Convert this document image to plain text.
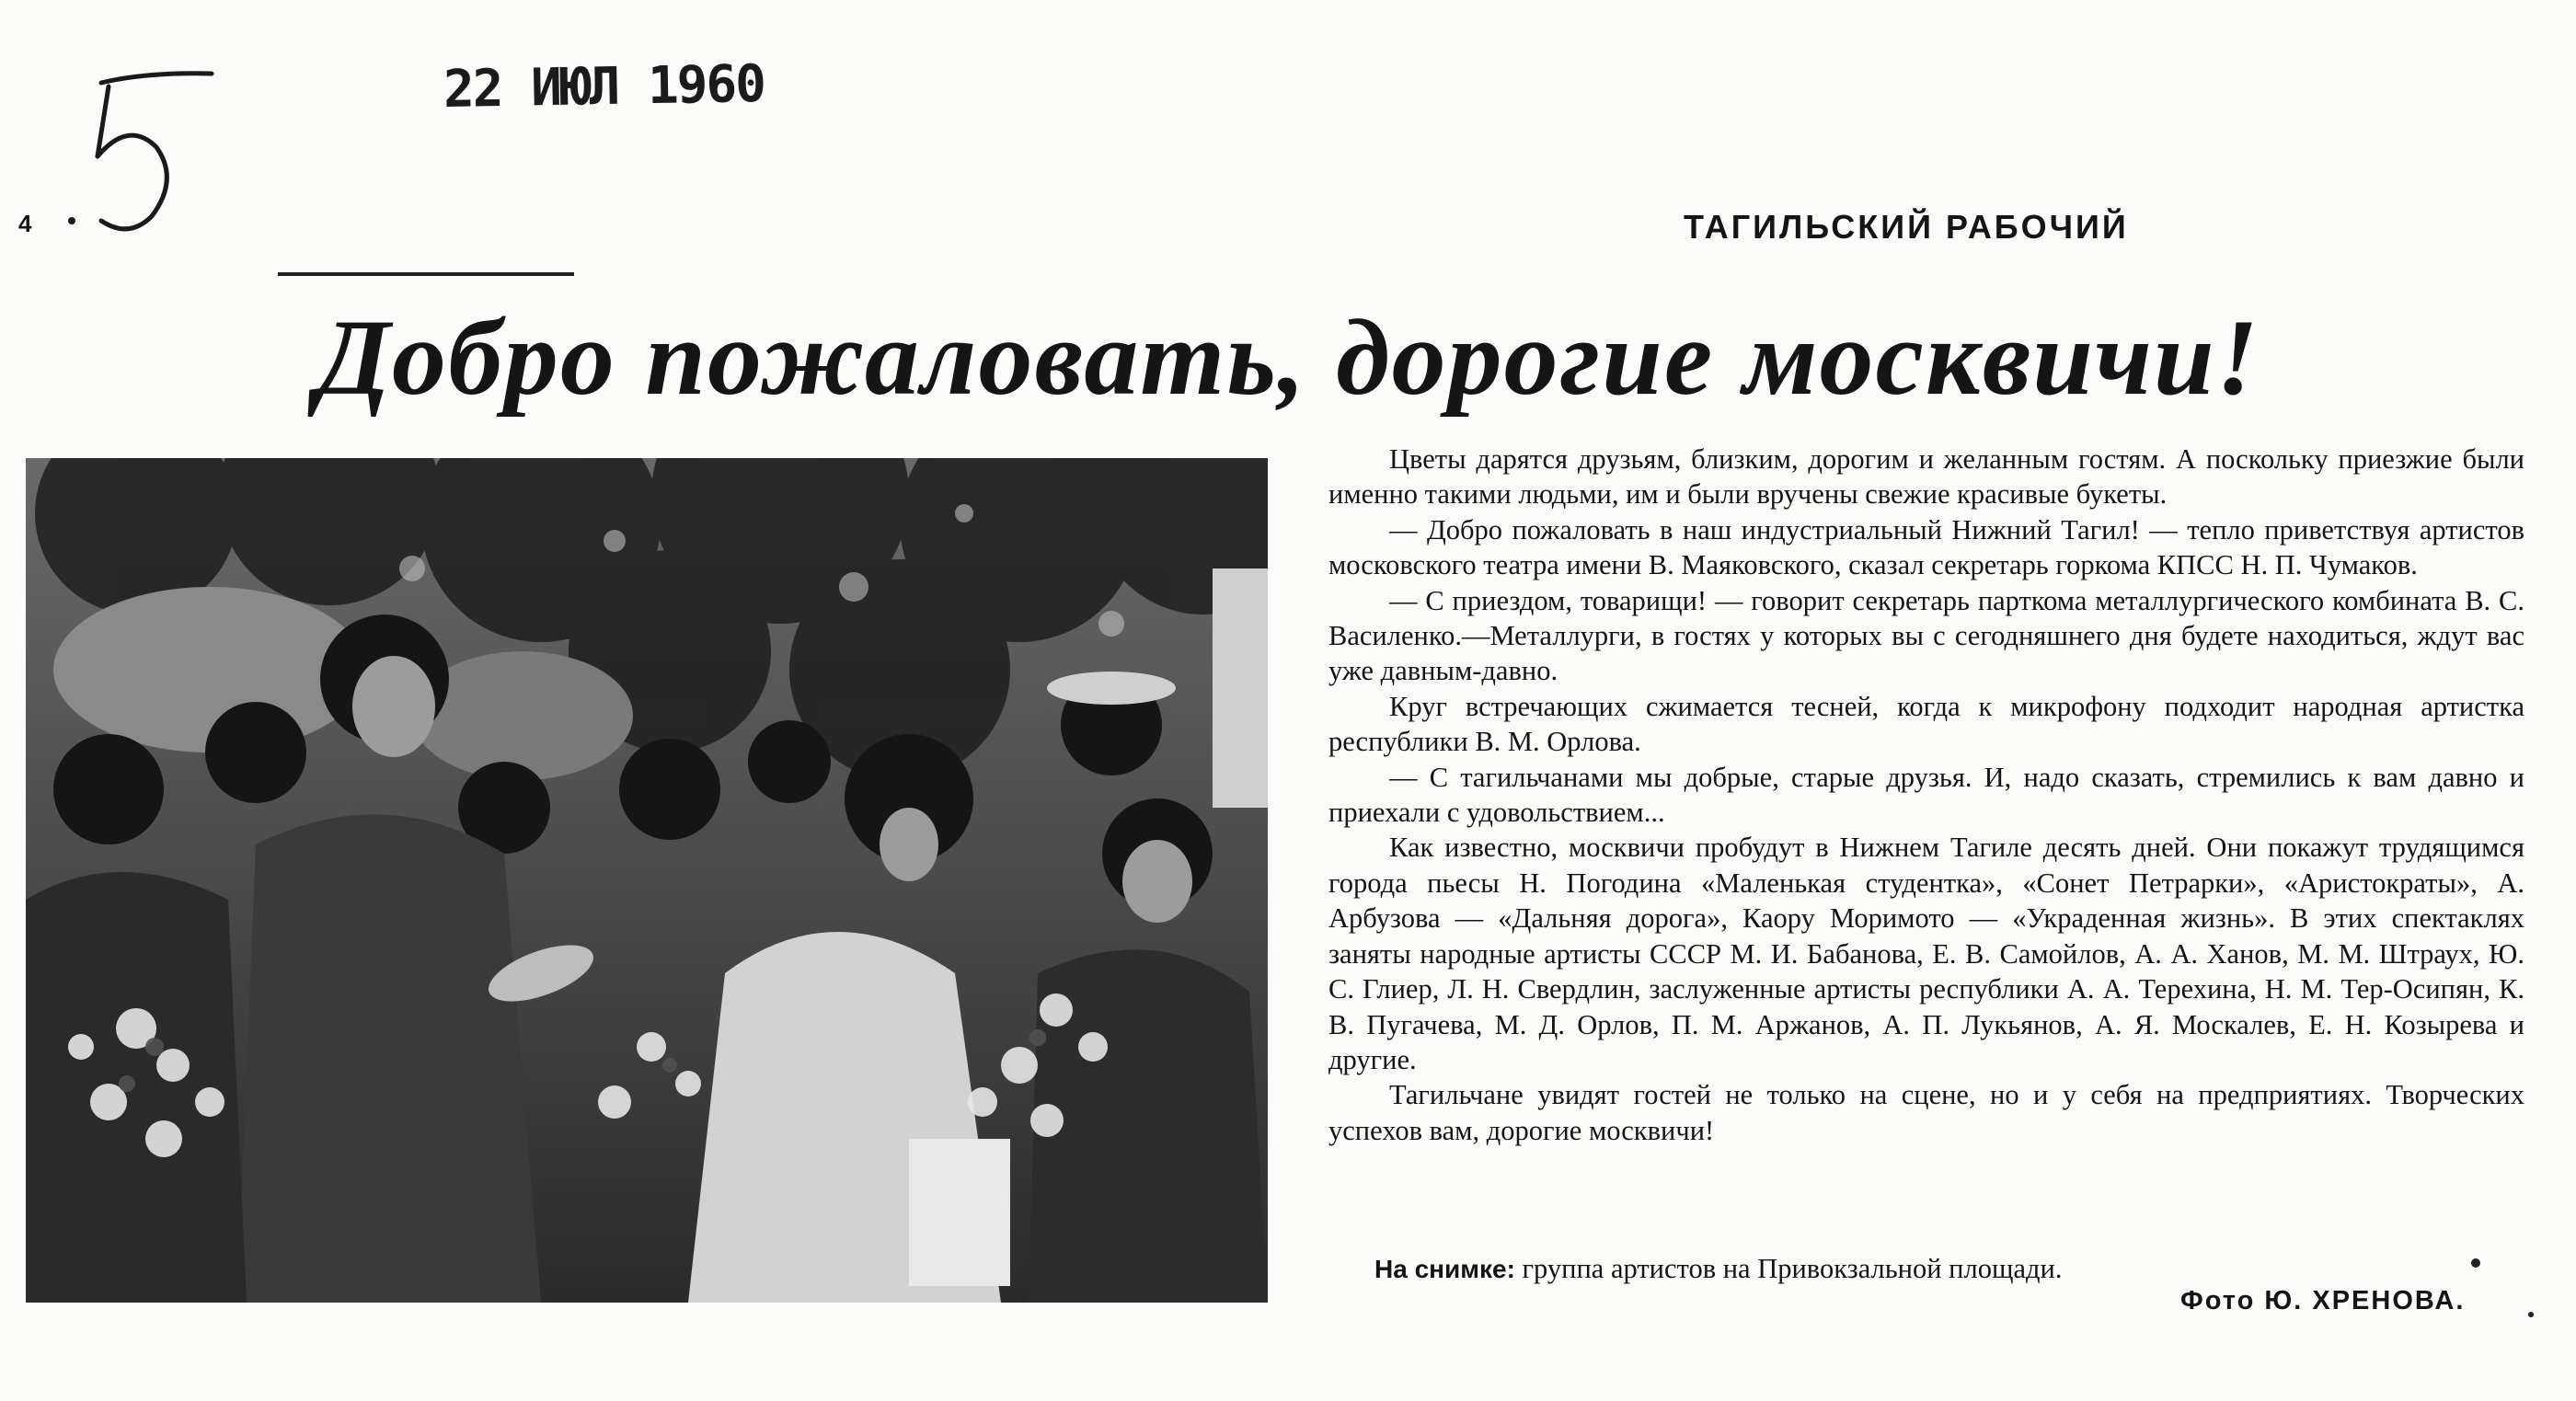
22 ИЮЛ 1960
4	ТАГИЛЬСКИЙ РАБОЧИЙ
Добро пожаловать, дорогие москвичи!

Цветы дарятся друзьям, близким, дорогим и желанным гостям. А поскольку приезжие были именно такими людьми, им и были вручены свежие красивые букеты.

— Добро пожаловать в наш индустриальный Нижний Тагил! — тепло приветствуя артистов московского театра имени В. Маяковского, сказал секретарь горкома КПСС Н. П. Чумаков.

— С приездом, товарищи! — говорит секретарь парткома металлургического комбината В. С. Василенко.—Металлурги, в гостях у которых вы с сегодняшнего дня будете находиться, ждут вас уже давным-давно.

Круг встречающих сжимается тесней, когда к микрофону подходит народная артистка республики В. М. Орлова.

— С тагильчанами мы добрые, старые друзья. И, надо сказать, стремились к вам давно и приехали с удовольствием...

Как известно, москвичи пробудут в Нижнем Тагиле десять дней. Они покажут трудящимся города пьесы Н. Погодина «Маленькая студентка», «Сонет Петрарки», «Аристократы», А. Арбузова — «Дальняя дорога», Каору Моримото — «Украденная жизнь». В этих спектаклях заняты народные артисты СССР М. И. Бабанова, Е. В. Самойлов, А. А. Ханов, М. М. Штраух, Ю. С. Глиер, Л. Н. Свердлин, заслуженные артисты республики А. А. Терехина, Н. М. Тер-Осипян, К. В. Пугачева, М. Д. Орлов, П. М. Аржанов, А. П. Лукьянов, А. Я. Москалев, Е. Н. Козырева и другие.

Тагильчане увидят гостей не только на сцене, но и у себя на предприятиях. Творческих успехов вам, дорогие москвичи!

На снимке: группа артистов на Привокзальной площади.
Фото Ю. ХРЕНОВА.
